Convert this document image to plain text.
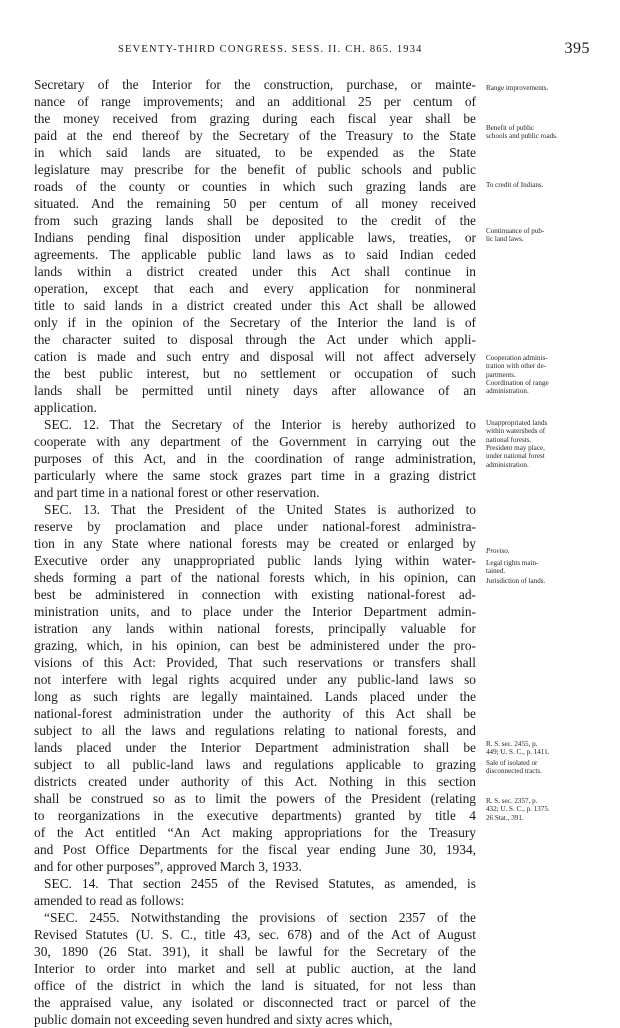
SEVENTY-THIRD CONGRESS. SESS. II. CH. 865. 1934	395
Secretary of the Interior for the construction, purchase, or mainte-
nance of range improvements; and an additional 25 per centum of
the money received from grazing during each fiscal year shall be
paid at the end thereof by the Secretary of the Treasury to the State
in which said lands are situated, to be expended as the State
legislature may prescribe for the benefit of public schools and public
roads of the county or counties in which such grazing lands are
situated. And the remaining 50 per centum of all money received
from such grazing lands shall be deposited to the credit of the
Indians pending final disposition under applicable laws, treaties, or
agreements. The applicable public land laws as to said Indian ceded
lands within a district created under this Act shall continue in
operation, except that each and every application for nonmineral
title to said lands in a district created under this Act shall be allowed
only if in the opinion of the Secretary of the Interior the land is of
the character suited to disposal through the Act under which appli-
cation is made and such entry and disposal will not affect adversely
the best public interest, but no settlement or occupation of such
lands shall be permitted until ninety days after allowance of an
application.
SEC. 12. That the Secretary of the Interior is hereby authorized to
cooperate with any department of the Government in carrying out the
purposes of this Act, and in the coordination of range administration,
particularly where the same stock grazes part time in a grazing district
and part time in a national forest or other reservation.
SEC. 13. That the President of the United States is authorized to
reserve by proclamation and place under national-forest administra-
tion in any State where national forests may be created or enlarged by
Executive order any unappropriated public lands lying within water-
sheds forming a part of the national forests which, in his opinion, can
best be administered in connection with existing national-forest ad-
ministration units, and to place under the Interior Department admin-
istration any lands within national forests, principally valuable for
grazing, which, in his opinion, can best be administered under the pro-
visions of this Act: Provided, That such reservations or transfers shall
not interfere with legal rights acquired under any public-land laws so
long as such rights are legally maintained. Lands placed under the
national-forest administration under the authority of this Act shall be
subject to all the laws and regulations relating to national forests, and
lands placed under the Interior Department administration shall be
subject to all public-land laws and regulations applicable to grazing
districts created under authority of this Act. Nothing in this section
shall be construed so as to limit the powers of the President (relating
to reorganizations in the executive departments) granted by title 4
of the Act entitled “An Act making appropriations for the Treasury
and Post Office Departments for the fiscal year ending June 30, 1934,
and for other purposes”, approved March 3, 1933.
SEC. 14. That section 2455 of the Revised Statutes, as amended, is
amended to read as follows:
“SEC. 2455. Notwithstanding the provisions of section 2357 of the
Revised Statutes (U. S. C., title 43, sec. 678) and of the Act of August
30, 1890 (26 Stat. 391), it shall be lawful for the Secretary of the
Interior to order into market and sell at public auction, at the land
office of the district in which the land is situated, for not less than
the appraised value, any isolated or disconnected tract or parcel of the
public domain not exceeding seven hundred and sixty acres which,
Range improvements.
Benefit of public
schools and public roads.
To credit of Indians.
Continuance of pub-
lic land laws.
Cooperation adminis-
tration with other de-
partments.
Coordination of range
administration.
Unappropriated lands
within watersheds of
national forests.
President may place,
under national forest
administration.
Proviso.
Legal rights main-
tained.
Jurisdiction of lands.
R. S. sec. 2455, p.
449; U. S. C., p. 1411.
Sale of isolated or
disconnected tracts.
R. S. sec. 2357, p.
432; U. S. C., p. 1375.
26 Stat., 391.
